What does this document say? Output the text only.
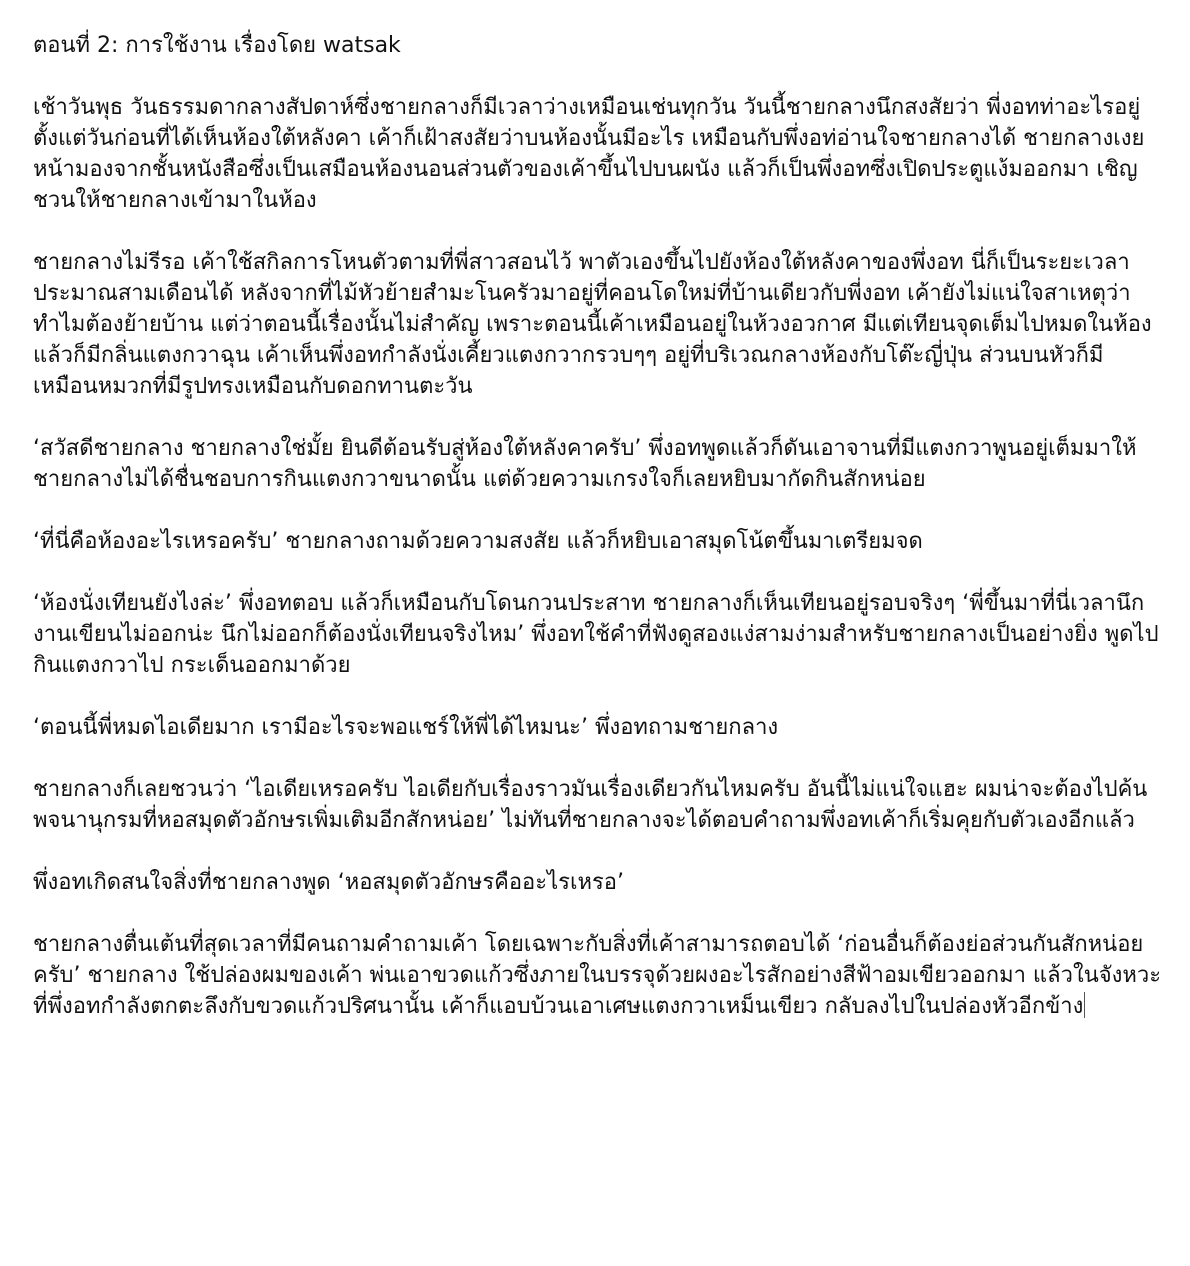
ตอนที่ 2: การใช้งาน เรื่องโดย watsak
เช้าวันพุธ วันธรรมดากลางสัปดาห์ซึ่งชายกลางก็มีเวลาว่างเหมือนเช่นทุกวัน วันนี้ชายกลางนึกสงสัยว่า พี่งอทท่าอะไรอยู่ ตั้งแต่วันก่อนที่ได้เห็นห้องใต้หลังคา เค้าก็เฝ้าสงสัยว่าบนห้องนั้นมีอะไร เหมือนกับพึ่งอท่อ่านใจชายกลางได้ ชายกลางเงยหน้ามองจากชั้นหนังสือซึ่งเป็นเสมือนห้องนอนส่วนตัวของเค้าขึ้นไปบนผนัง แล้วก็เป็นพึ่งอทซึ่งเปิดประตูแง้มออกมา เชิญชวนให้ชายกลางเข้ามาในห้อง
ชายกลางไม่รีรอ เค้าใช้สกิลการโหนตัวตามที่พี่สาวสอนไว้ พาตัวเองขึ้นไปยังห้องใต้หลังคาของพึ่งอท นี่ก็เป็นระยะเวลาประมาณสามเดือนได้ หลังจากที่ไม้หัวย้ายสำมะโนครัวมาอยู่ที่คอนโดใหม่ที่บ้านเดียวกับพี่งอท เค้ายังไม่แน่ใจสาเหตุว่าทำไมต้องย้ายบ้าน แต่ว่าตอนนี้เรื่องนั้นไม่สำคัญ เพราะตอนนี้เค้าเหมือนอยู่ในห้วงอวกาศ มีแต่เทียนจุดเต็มไปหมดในห้อง แล้วก็มีกลิ่นแตงกวาฉุน เค้าเห็นพึ่งอทกำลังนั่งเคี้ยวแตงกวากรวบๆๆ อยู่ที่บริเวณกลางห้องกับโต๊ะญี่ปุ่น ส่วนบนหัวก็มีเหมือนหมวกที่มีรูปทรงเหมือนกับดอกทานตะวัน
‘สวัสดีชายกลาง ชายกลางใช่มั้ย ยินดีต้อนรับสู่ห้องใต้หลังคาครับ’ พึ่งอทพูดแล้วก็ดันเอาจานที่มีแตงกวาพูนอยู่เต็มมาให้ ชายกลางไม่ได้ชื่นชอบการกินแตงกวาขนาดนั้น แต่ด้วยความเกรงใจก็เลยหยิบมากัดกินสักหน่อย
‘ที่นี่คือห้องอะไรเหรอครับ’ ชายกลางถามด้วยความสงสัย แล้วก็หยิบเอาสมุดโน้ตขึ้นมาเตรียมจด
‘ห้องนั่งเทียนยังไงล่ะ’ พึ่งอทตอบ แล้วก็เหมือนกับโดนกวนประสาท ชายกลางก็เห็นเทียนอยู่รอบจริงๆ ‘พี่ขึ้นมาที่นี่เวลานึกงานเขียนไม่ออกน่ะ นึกไม่ออกก็ต้องนั่งเทียนจริงไหม’ พึ่งอทใช้คำที่ฟังดูสองแง่สามง่ามสำหรับชายกลางเป็นอย่างยิ่ง พูดไปกินแตงกวาไป กระเด็นออกมาด้วย
‘ตอนนี้พี่หมดไอเดียมาก เรามีอะไรจะพอแชร์ให้พี่ได้ไหมนะ’ พึ่งอทถามชายกลาง
ชายกลางก็เลยชวนว่า ‘ไอเดียเหรอครับ ไอเดียกับเรื่องราวมันเรื่องเดียวกันไหมครับ อันนี้ไม่แน่ใจแฮะ ผมน่าจะต้องไปค้นพจนานุกรมที่หอสมุดตัวอักษรเพิ่มเติมอีกสักหน่อย’ ไม่ทันที่ชายกลางจะได้ตอบคำถามพึ่งอทเค้าก็เริ่มคุยกับตัวเองอีกแล้ว
พึ่งอทเกิดสนใจสิ่งที่ชายกลางพูด ‘หอสมุดตัวอักษรคืออะไรเหรอ’
ชายกลางตื่นเต้นที่สุดเวลาที่มีคนถามคำถามเค้า โดยเฉพาะกับสิ่งที่เค้าสามารถตอบได้ ‘ก่อนอื่นก็ต้องย่อส่วนกันสักหน่อยครับ’ ชายกลาง ใช้ปล่องผมของเค้า พ่นเอาขวดแก้วซึ่งภายในบรรจุด้วยผงอะไรสักอย่างสีฟ้าอมเขียวออกมา แล้วในจังหวะที่พึ่งอทกำลังตกตะลึงกับขวดแก้วปริศนานั้น เค้าก็แอบบ้วนเอาเศษแตงกวาเหม็นเขียว กลับลงไปในปล่องหัวอีกข้าง
